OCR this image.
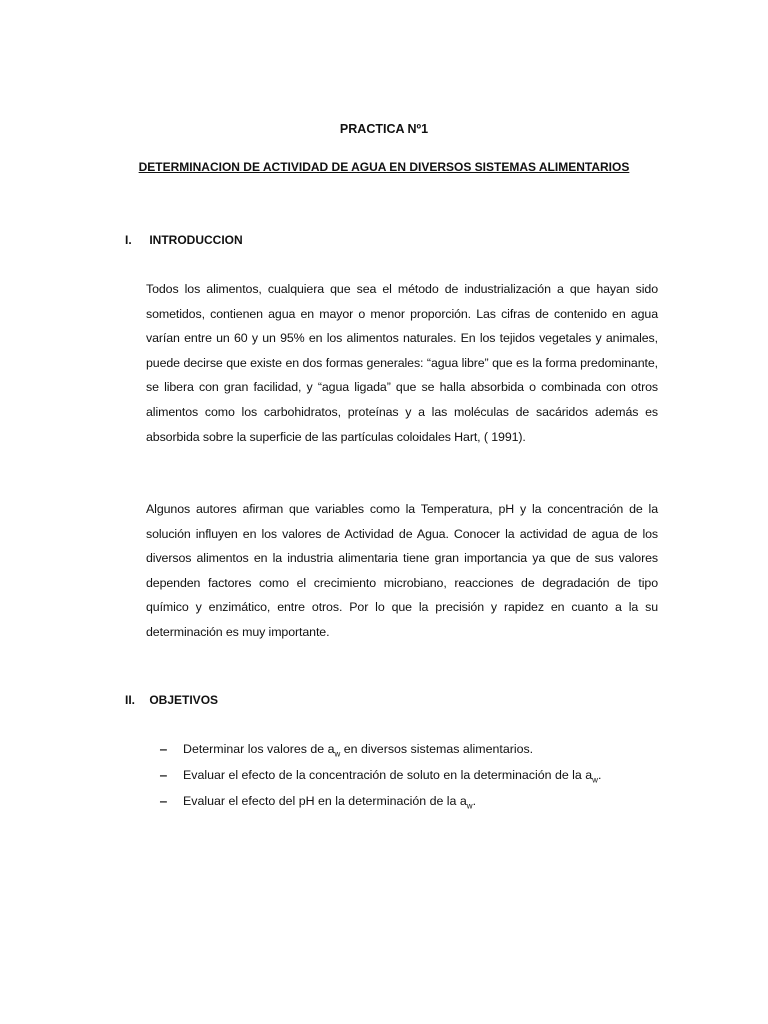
PRACTICA Nº1
DETERMINACION DE ACTIVIDAD DE AGUA EN DIVERSOS SISTEMAS ALIMENTARIOS
I. INTRODUCCION

Todos los alimentos, cualquiera que sea el método de industrialización a que hayan sido sometidos, contienen agua en mayor o menor proporción. Las cifras de contenido en agua varían entre un 60 y un 95% en los alimentos naturales. En los tejidos vegetales y animales, puede decirse que existe en dos formas generales: “agua libre” que es la forma predominante, se libera con gran facilidad, y “agua ligada” que se halla absorbida o combinada con otros alimentos como los carbohidratos, proteínas y a las moléculas de sacáridos además es absorbida sobre la superficie de las partículas coloidales Hart, ( 1991).

Algunos autores afirman que variables como la Temperatura, pH y la concentración de la solución influyen en los valores de Actividad de Agua. Conocer la actividad de agua de los diversos alimentos en la industria alimentaria tiene gran importancia ya que de sus valores dependen factores como el crecimiento microbiano, reacciones de degradación de tipo químico y enzimático, entre otros. Por lo que la precisión y rapidez en cuanto a la su determinación es muy importante.

II. OBJETIVOS
‒ Determinar los valores de $a_w$ en diversos sistemas alimentarios.
‒ Evaluar el efecto de la concentración de soluto en la determinación de la $a_w$.
‒ Evaluar el efecto del pH en la determinación de la $a_w$.
